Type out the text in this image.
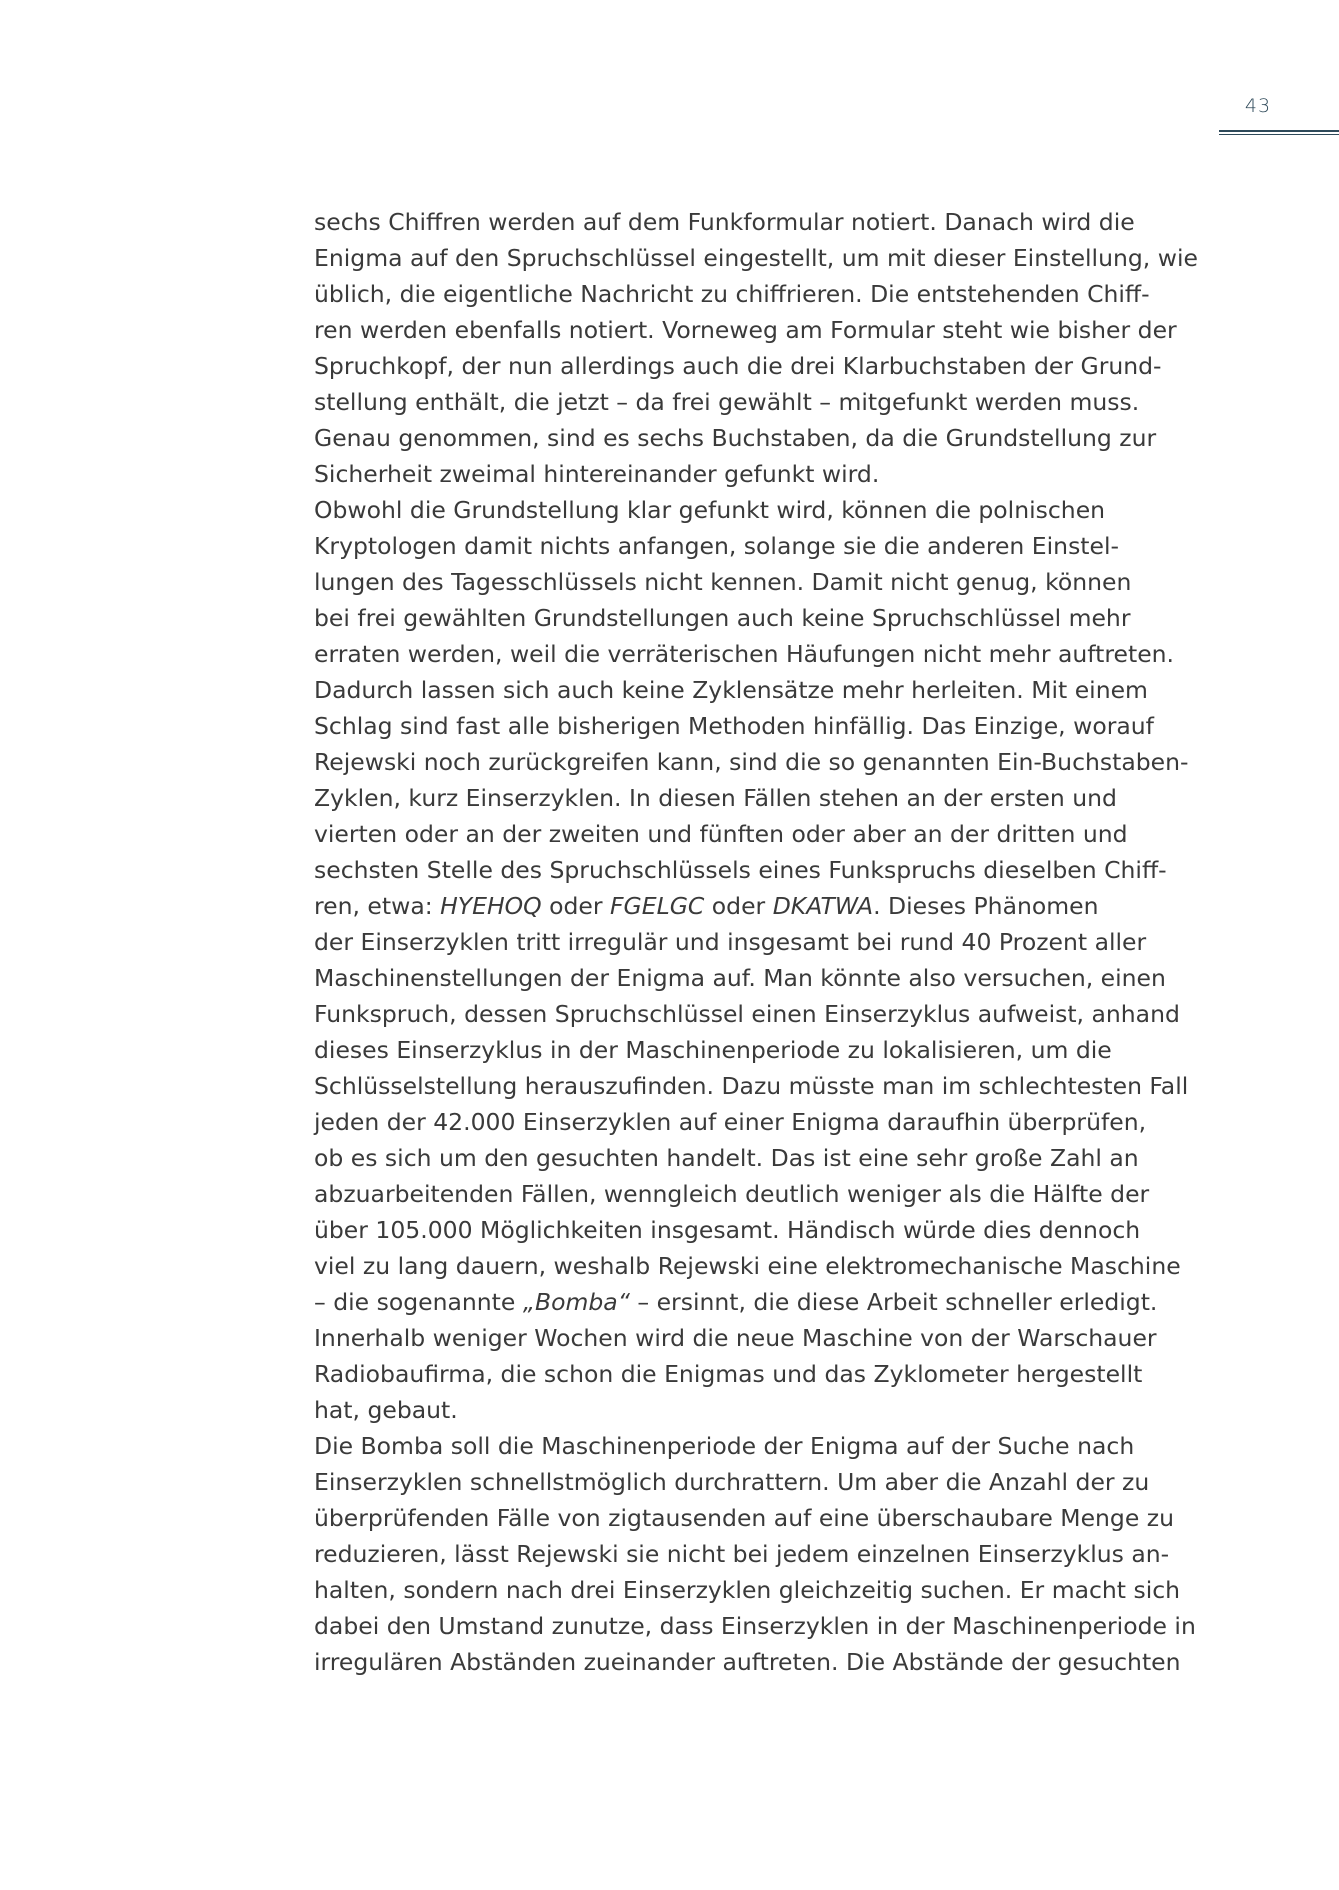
43
sechs Chiffren werden auf dem Funkformular notiert. Danach wird die
Enigma auf den Spruchschlüssel eingestellt, um mit dieser Einstellung, wie
üblich, die eigentliche Nachricht zu chiffrieren. Die entstehenden Chiff-
ren werden ebenfalls notiert. Vorneweg am Formular steht wie bisher der
Spruchkopf, der nun allerdings auch die drei Klarbuchstaben der Grund-
stellung enthält, die jetzt – da frei gewählt – mitgefunkt werden muss.
Genau genommen, sind es sechs Buchstaben, da die Grundstellung zur
Sicherheit zweimal hintereinander gefunkt wird.
Obwohl die Grundstellung klar gefunkt wird, können die polnischen
Kryptologen damit nichts anfangen, solange sie die anderen Einstel-
lungen des Tagesschlüssels nicht kennen. Damit nicht genug, können
bei frei gewählten Grundstellungen auch keine Spruchschlüssel mehr
erraten werden, weil die verräterischen Häufungen nicht mehr auftreten.
Dadurch lassen sich auch keine Zyklensätze mehr herleiten. Mit einem
Schlag sind fast alle bisherigen Methoden hinfällig. Das Einzige, worauf
Rejewski noch zurückgreifen kann, sind die so genannten Ein-Buchstaben-
Zyklen, kurz Einserzyklen. In diesen Fällen stehen an der ersten und
vierten oder an der zweiten und fünften oder aber an der dritten und
sechsten Stelle des Spruchschlüssels eines Funkspruchs dieselben Chiff-
ren, etwa: HYEHOQ oder FGELGC oder DKATWA. Dieses Phänomen
der Einserzyklen tritt irregulär und insgesamt bei rund 40 Prozent aller
Maschinenstellungen der Enigma auf. Man könnte also versuchen, einen
Funkspruch, dessen Spruchschlüssel einen Einserzyklus aufweist, anhand
dieses Einserzyklus in der Maschinenperiode zu lokalisieren, um die
Schlüsselstellung herauszufinden. Dazu müsste man im schlechtesten Fall
jeden der 42.000 Einserzyklen auf einer Enigma daraufhin überprüfen,
ob es sich um den gesuchten handelt. Das ist eine sehr große Zahl an
abzuarbeitenden Fällen, wenngleich deutlich weniger als die Hälfte der
über 105.000 Möglichkeiten insgesamt. Händisch würde dies dennoch
viel zu lang dauern, weshalb Rejewski eine elektromechanische Maschine
– die sogenannte „Bomba“ – ersinnt, die diese Arbeit schneller erledigt.
Innerhalb weniger Wochen wird die neue Maschine von der Warschauer
Radiobaufirma, die schon die Enigmas und das Zyklometer hergestellt
hat, gebaut.
Die Bomba soll die Maschinenperiode der Enigma auf der Suche nach
Einserzyklen schnellstmöglich durchrattern. Um aber die Anzahl der zu
überprüfenden Fälle von zigtausenden auf eine überschaubare Menge zu
reduzieren, lässt Rejewski sie nicht bei jedem einzelnen Einserzyklus an-
halten, sondern nach drei Einserzyklen gleichzeitig suchen. Er macht sich
dabei den Umstand zunutze, dass Einserzyklen in der Maschinenperiode in
irregulären Abständen zueinander auftreten. Die Abstände der gesuchten
